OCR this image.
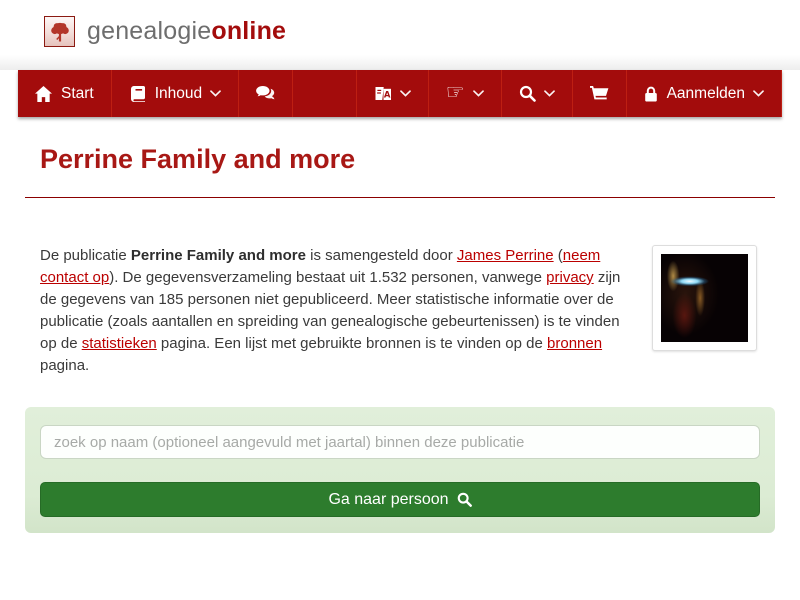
genealogieonline
Start	Inhoud	A	☞	Aanmelden
Perrine Family and more

De publicatie Perrine Family and more is samengesteld door James Perrine (neem contact op). De gegevensverzameling bestaat uit 1.532 personen, vanwege privacy zijn de gegevens van 185 personen niet gepubliceerd. Meer statistische informatie over de publicatie (zoals aantallen en spreiding van genealogische gebeurtenissen) is te vinden op de statistieken pagina. Een lijst met gebruikte bronnen is te vinden op de bronnen pagina.

zoek op naam (optioneel aangevuld met jaartal) binnen deze publicatie
Ga naar persoon
